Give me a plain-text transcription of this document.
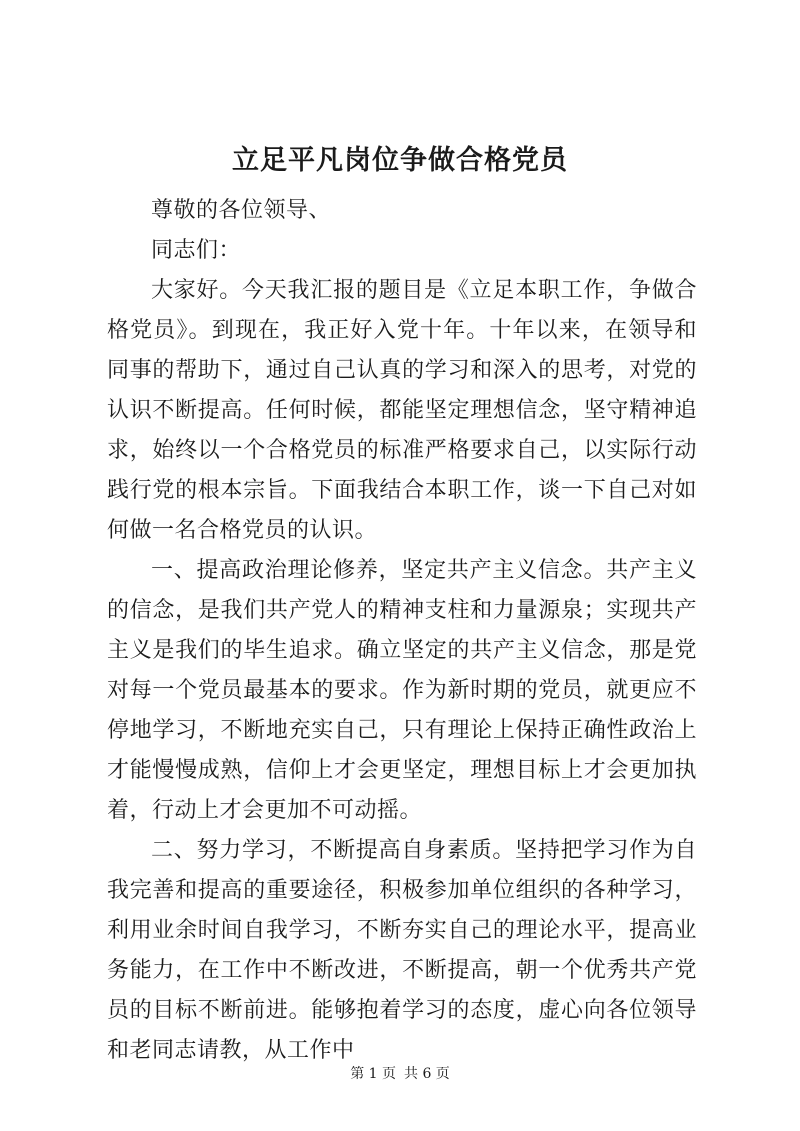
立足平凡岗位争做合格党员

尊敬的各位领导、

同志们：

大家好。今天我汇报的题目是《立足本职工作，争做合格党员》。到现在，我正好入党十年。十年以来，在领导和同事的帮助下，通过自己认真的学习和深入的思考，对党的认识不断提高。任何时候，都能坚定理想信念，坚守精神追求，始终以一个合格党员的标准严格要求自己，以实际行动践行党的根本宗旨。下面我结合本职工作，谈一下自己对如何做一名合格党员的认识。

一、提高政治理论修养，坚定共产主义信念。共产主义的信念，是我们共产党人的精神支柱和力量源泉；实现共产主义是我们的毕生追求。确立坚定的共产主义信念，那是党对每一个党员最基本的要求。作为新时期的党员，就更应不停地学习，不断地充实自己，只有理论上保持正确性政治上才能慢慢成熟，信仰上才会更坚定，理想目标上才会更加执着，行动上才会更加不可动摇。

二、努力学习，不断提高自身素质。坚持把学习作为自我完善和提高的重要途径，积极参加单位组织的各种学习，利用业余时间自我学习，不断夯实自己的理论水平，提高业务能力，在工作中不断改进，不断提高，朝一个优秀共产党员的目标不断前进。能够抱着学习的态度，虚心向各位领导和老同志请教，从工作中

第 1 页 共 6 页
